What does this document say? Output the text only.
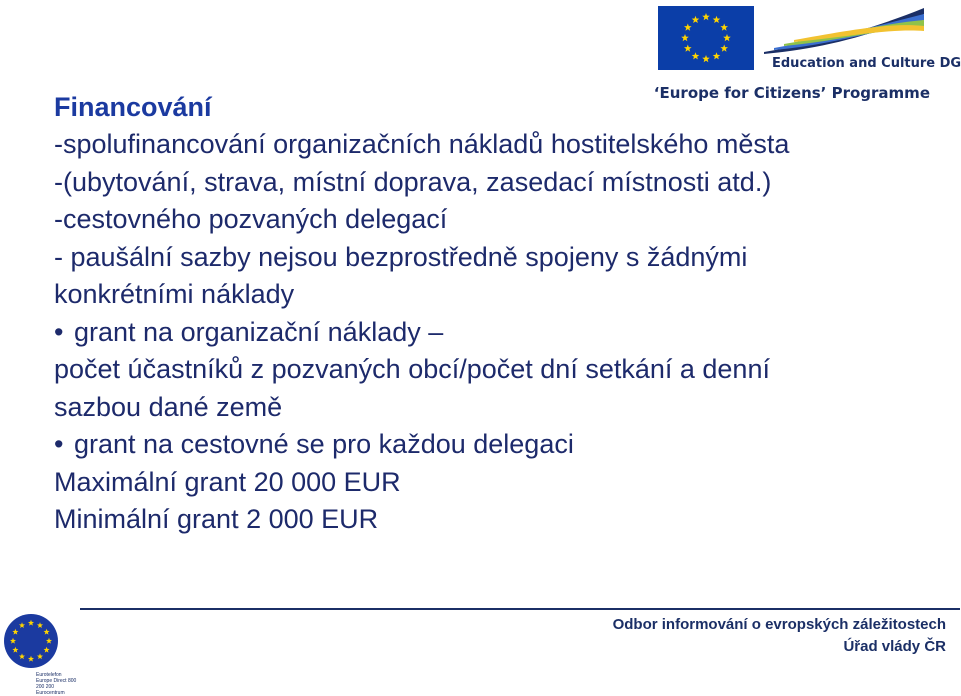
Education and Culture DG
‘Europe for Citizens’ Programme

Financování

-spolufinancování organizačních nákladů hostitelského města

-(ubytování, strava, místní doprava, zasedací místnosti atd.)

-cestovného pozvaných delegací

- paušální sazby nejsou bezprostředně spojeny s žádnými

konkrétními náklady

• grant na organizační náklady –

počet účastníků z pozvaných obcí/počet dní setkání a denní

sazbou dané země

• grant na cestovné se pro každou delegaci

Maximální grant 20 000 EUR

Minimální grant 2 000 EUR

Eurotelefon
Europe Direct 800 200 200
Eurocentrum
Odbor informování o evropských záležitostech
Úřad vlády ČR
